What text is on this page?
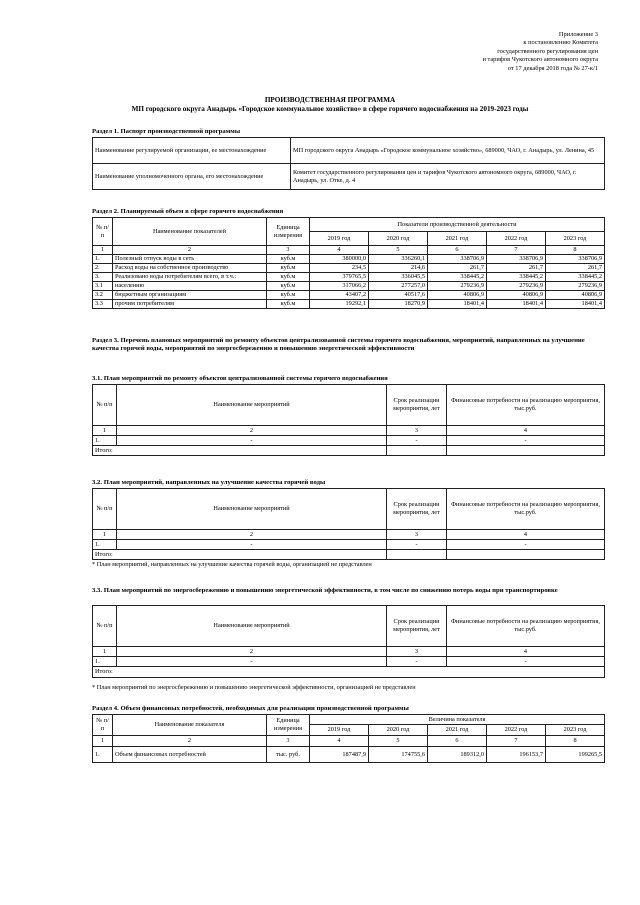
Приложение 3
к постановлению Комитета
государственного регулирования цен
и тарифов Чукотского автономного округа
от 17 декабря 2018 года № 27-к/1
ПРОИЗВОДСТВЕННАЯ ПРОГРАММА
МП городского округа Анадырь «Городское коммунальное хозяйство» в сфере горячего водоснабжения на 2019-2023 годы
Раздел 1. Паспорт производственной программы
Наименование регулируемой организации, ее местонахождение	МП городского округа Анадырь «Городское коммунальное хозяйство», 689000, ЧАО, г. Анадырь, ул. Ленина, 45
Наименование уполномоченного органа, его местонахождение	Комитет государственного регулирования цен и тарифов Чукотского автономного округа, 689000, ЧАО, г. Анадырь, ул. Отке, д. 4
Раздел 2. Планируемый объем в сфере горячего водоснабжения
№ п/п	Наименование показателей	Единица измерения	Показатели производственной деятельности				
			2019 год	2020 год	2021 год	2022 год	2023 год
1	2	3	4	5	6	7	8
1.	Полезный отпуск воды в сеть	куб.м	380000,0	336260,1	338706,9	338706,9	338706,9
2.	Расход воды на собственное производство	куб.м	234,5	214,6	261,7	261,7	261,7
3.	Реализовано воды потребителям всего, в т.ч.:	куб.м	379765,5	336045,5	338445,2	338445,2	338445,2
3.1	населению	куб.м	317066,2	277257,0	279236,9	279236,9	279236,9
3.2	бюджетным организациям	куб.м	43407,2	40517,6	40806,9	40806,9	40806,9
3.3	прочим потребителям	куб.м	19292,1	18270,9	18401,4	18401,4	18401,4
Раздел 3. Перечень плановых мероприятий по ремонту объектов централизованной системы горячего водоснабжения, мероприятий, направленных на улучшение качества горячей воды, мероприятий по энергосбережению и повышению энергетической эффективности
3.1. План мероприятий по ремонту объектов централизованной системы горячего водоснабжения
№ п/п	Наименование мероприятий	Срок реализации мероприятия, лет	Финансовые потребности на реализацию мероприятия, тыс.руб.
1	2	3	4
1.	-	-	-
Итого:			
3.2. План мероприятий, направленных на улучшение качества горячей воды
№ п/п	Наименование мероприятий	Срок реализации мероприятия, лет	Финансовые потребности на реализацию мероприятия, тыс.руб.
1	2	3	4
1.	-	-	-
Итого:			
* План мероприятий, направленных на улучшение качества горячей воды, организацией не представлен
3.3. План мероприятий по энергосбережению и повышению энергетической эффективности, в том числе по снижению потерь воды при транспортировке
№ п/п	Наименование мероприятий	Срок реализации мероприятия, лет	Финансовые потребности на реализацию мероприятия, тыс.руб.
1	2	3	4
1.	-	-	-
Итого:			
* План мероприятий по энергосбережению и повышению энергетической эффективности, организацией не представлен
Раздел 4. Объем финансовых потребностей, необходимых для реализации производственной программы
№ п/п	Наименование показателя	Единица измерения	Величина показателя				
			2019 год	2020 год	2021 год	2022 год	2023 год
1	2	3	4	5	6	7	8
1.	Объем финансовых потребностей	тыс. руб.	187487,9	174755,6	189312,0	196153,7	199265,5
